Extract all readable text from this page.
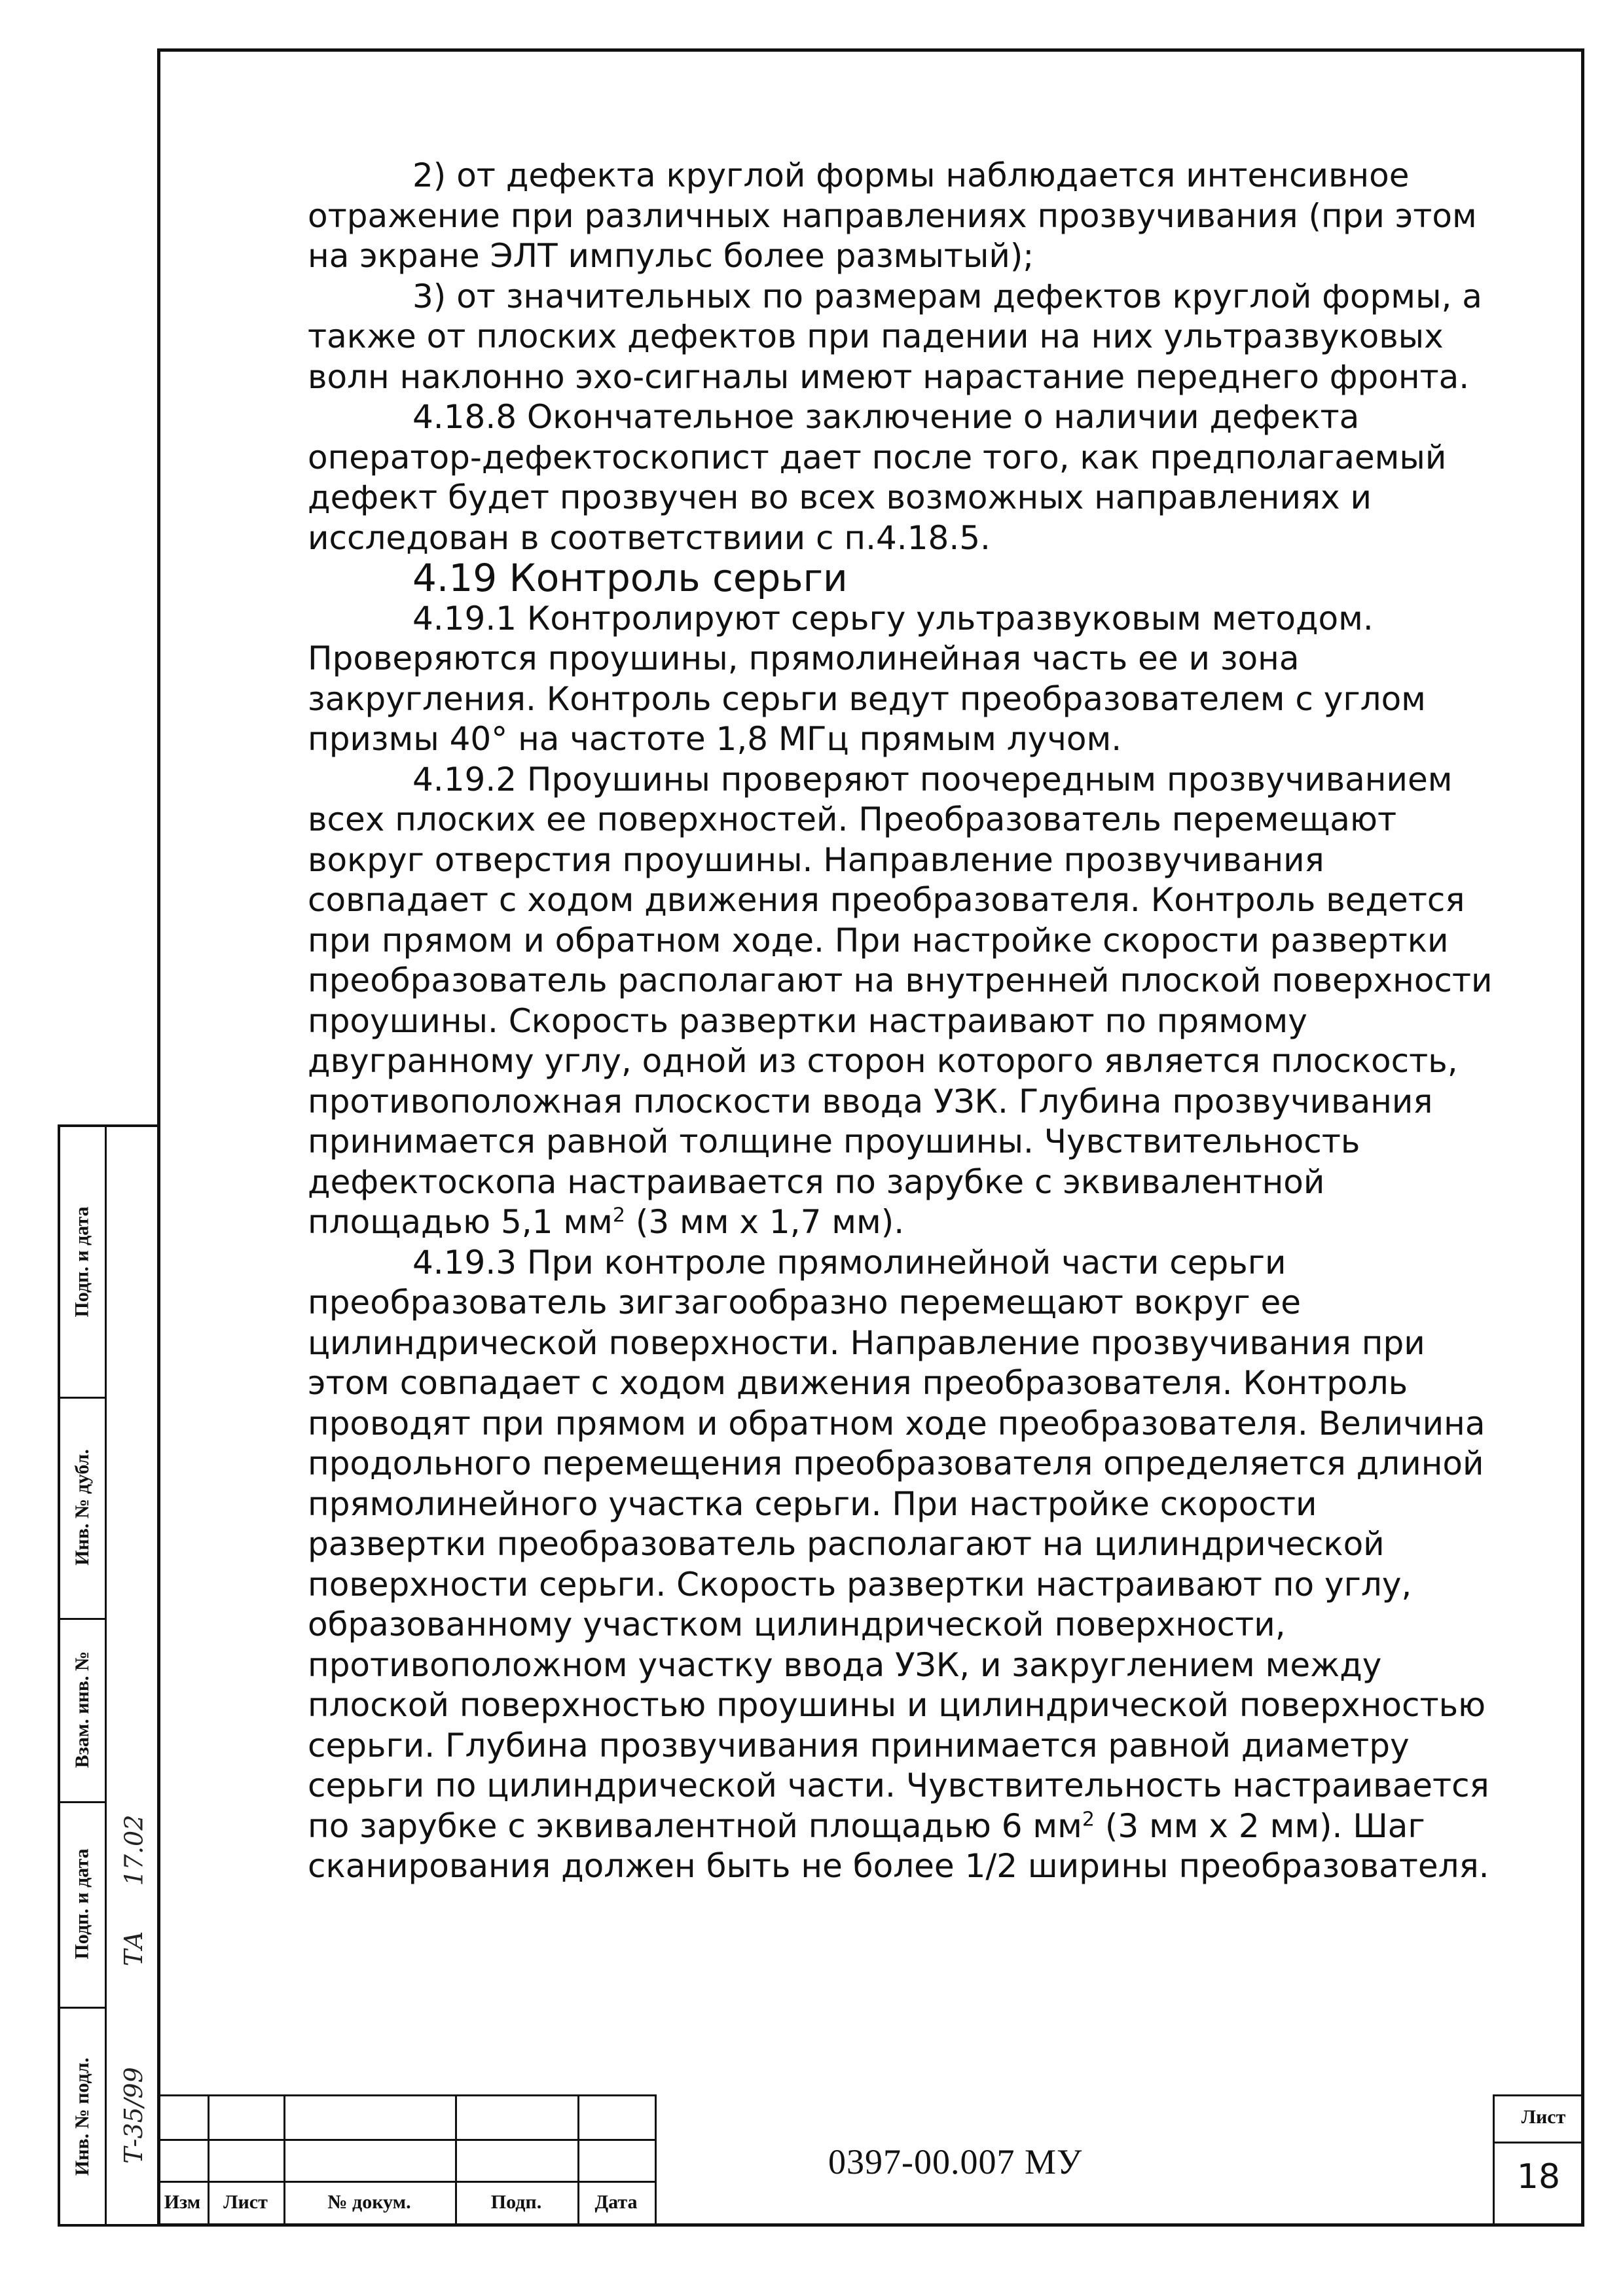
2) от дефекта круглой формы наблюдается интенсивное отражение при различных направлениях прозвучивания (при этом на экране ЭЛТ импульс более размытый);

3) от значительных по размерам дефектов круглой формы, а также от плоских дефектов при падении на них ультразвуковых волн наклонно эхо-сигналы имеют нарастание переднего фронта.

4.18.8 Окончательное заключение о наличии дефекта оператор-дефектоскопист дает после того, как предполагаемый дефект будет прозвучен во всех возможных направлениях и исследован в соответствиии с п.4.18.5.

4.19 Контроль серьги

4.19.1 Контролируют серьгу ультразвуковым методом. Проверяются проушины, прямолинейная часть ее и зона закругления. Контроль серьги ведут преобразователем с углом призмы 40° на частоте 1,8 МГц прямым лучом.

4.19.2 Проушины проверяют поочередным прозвучиванием всех плоских ее поверхностей. Преобразователь перемещают вокруг отверстия проушины. Направление прозвучивания совпадает с ходом движения преобразователя. Контроль ведется при прямом и обратном ходе. При настройке скорости развертки преобразователь располагают на внутренней плоской поверхности проушины. Скорость развертки настраивают по прямому двугранному углу, одной из сторон которого является плоскость, противоположная плоскости ввода УЗК. Глубина прозвучивания принимается равной толщине проушины. Чувствительность дефектоскопа настраивается по зарубке с эквивалентной площадью 5,1 $мм^2$ (3 мм х 1,7 мм).

4.19.3 При контроле прямолинейной части серьги преобразователь зигзагообразно перемещают вокруг ее цилиндрической поверхности. Направление прозвучивания при этом совпадает с ходом движения преобразователя. Контроль проводят при прямом и обратном ходе преобразователя. Величина продольного перемещения преобразователя определяется длиной прямолинейного участка серьги. При настройке скорости развертки преобразователь располагают на цилиндрической поверхности серьги. Скорость развертки настраивают по углу, образованному участком цилиндрической поверхности, противоположном участку ввода УЗК, и закруглением между плоской поверхностью проушины и цилиндрической поверхностью серьги. Глубина прозвучивания принимается равной диаметру серьги по цилиндрической части. Чувствительность настраивается по зарубке с эквивалентной площадью 6 $мм^2$ (3 мм х 2 мм). Шаг сканирования должен быть не более 1/2 ширины преобразователя.

Подп. и дата
Инв. № дубл.
Взам. инв. №
Подп. и дата
Инв. № подл.
17.02
ТА
Т-35/99
Изм	Лист	№ докум.	Подп.	Дата
0397-00.007 МУ
Лист
18
